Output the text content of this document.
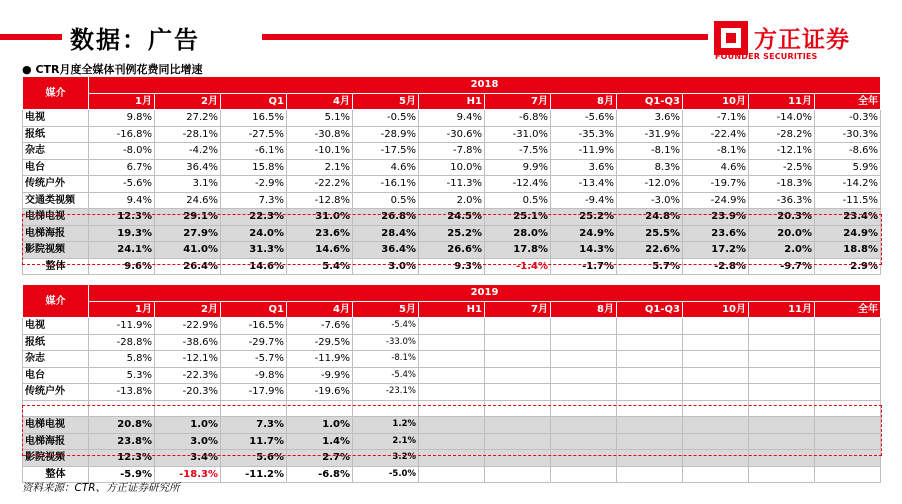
数据：广告	方正证券
FOUNDER SECURITIES
● CTR月度全媒体刊例花费同比增速
媒介	2018											
	1月	2月	Q1	4月	5月	H1	7月	8月	Q1-Q3	10月	11月	全年
电视	9.8%	27.2%	16.5%	5.1%	-0.5%	9.4%	-6.8%	-5.6%	3.6%	-7.1%	-14.0%	-0.3%
报纸	-16.8%	-28.1%	-27.5%	-30.8%	-28.9%	-30.6%	-31.0%	-35.3%	-31.9%	-22.4%	-28.2%	-30.3%
杂志	-8.0%	-4.2%	-6.1%	-10.1%	-17.5%	-7.8%	-7.5%	-11.9%	-8.1%	-8.1%	-12.1%	-8.6%
电台	6.7%	36.4%	15.8%	2.1%	4.6%	10.0%	9.9%	3.6%	8.3%	4.6%	-2.5%	5.9%
传统户外	-5.6%	3.1%	-2.9%	-22.2%	-16.1%	-11.3%	-12.4%	-13.4%	-12.0%	-19.7%	-18.3%	-14.2%
交通类视频	9.4%	24.6%	7.3%	-12.8%	0.5%	2.0%	0.5%	-9.4%	-3.0%	-24.9%	-36.3%	-11.5%
电梯电视	12.3%	29.1%	22.3%	31.0%	26.8%	24.5%	25.1%	25.2%	24.8%	23.9%	20.3%	23.4%
电梯海报	19.3%	27.9%	24.0%	23.6%	28.4%	25.2%	28.0%	24.9%	25.5%	23.6%	20.0%	24.9%
影院视频	24.1%	41.0%	31.3%	14.6%	36.4%	26.6%	17.8%	14.3%	22.6%	17.2%	2.0%	18.8%
整体	9.6%	26.4%	14.6%	5.4%	3.0%	9.3%	-1.4%	-1.7%	5.7%	-2.8%	-9.7%	2.9%
媒介	2019											
	1月	2月	Q1	4月	5月	H1	7月	8月	Q1-Q3	10月	11月	全年
电视	-11.9%	-22.9%	-16.5%	-7.6%	-5.4%							
报纸	-28.8%	-38.6%	-29.7%	-29.5%	-33.0%							
杂志	5.8%	-12.1%	-5.7%	-11.9%	-8.1%							
电台	5.3%	-22.3%	-9.8%	-9.9%	-5.4%							
传统户外	-13.8%	-20.3%	-17.9%	-19.6%	-23.1%							

电梯电视	20.8%	1.0%	7.3%	1.0%	1.2%							
电梯海报	23.8%	3.0%	11.7%	1.4%	2.1%							
影院视频	12.3%	3.4%	5.6%	2.7%	3.2%							
整体	-5.9%	-18.3%	-11.2%	-6.8%	-5.0%							
资料来源：CTR、方正证券研究所
